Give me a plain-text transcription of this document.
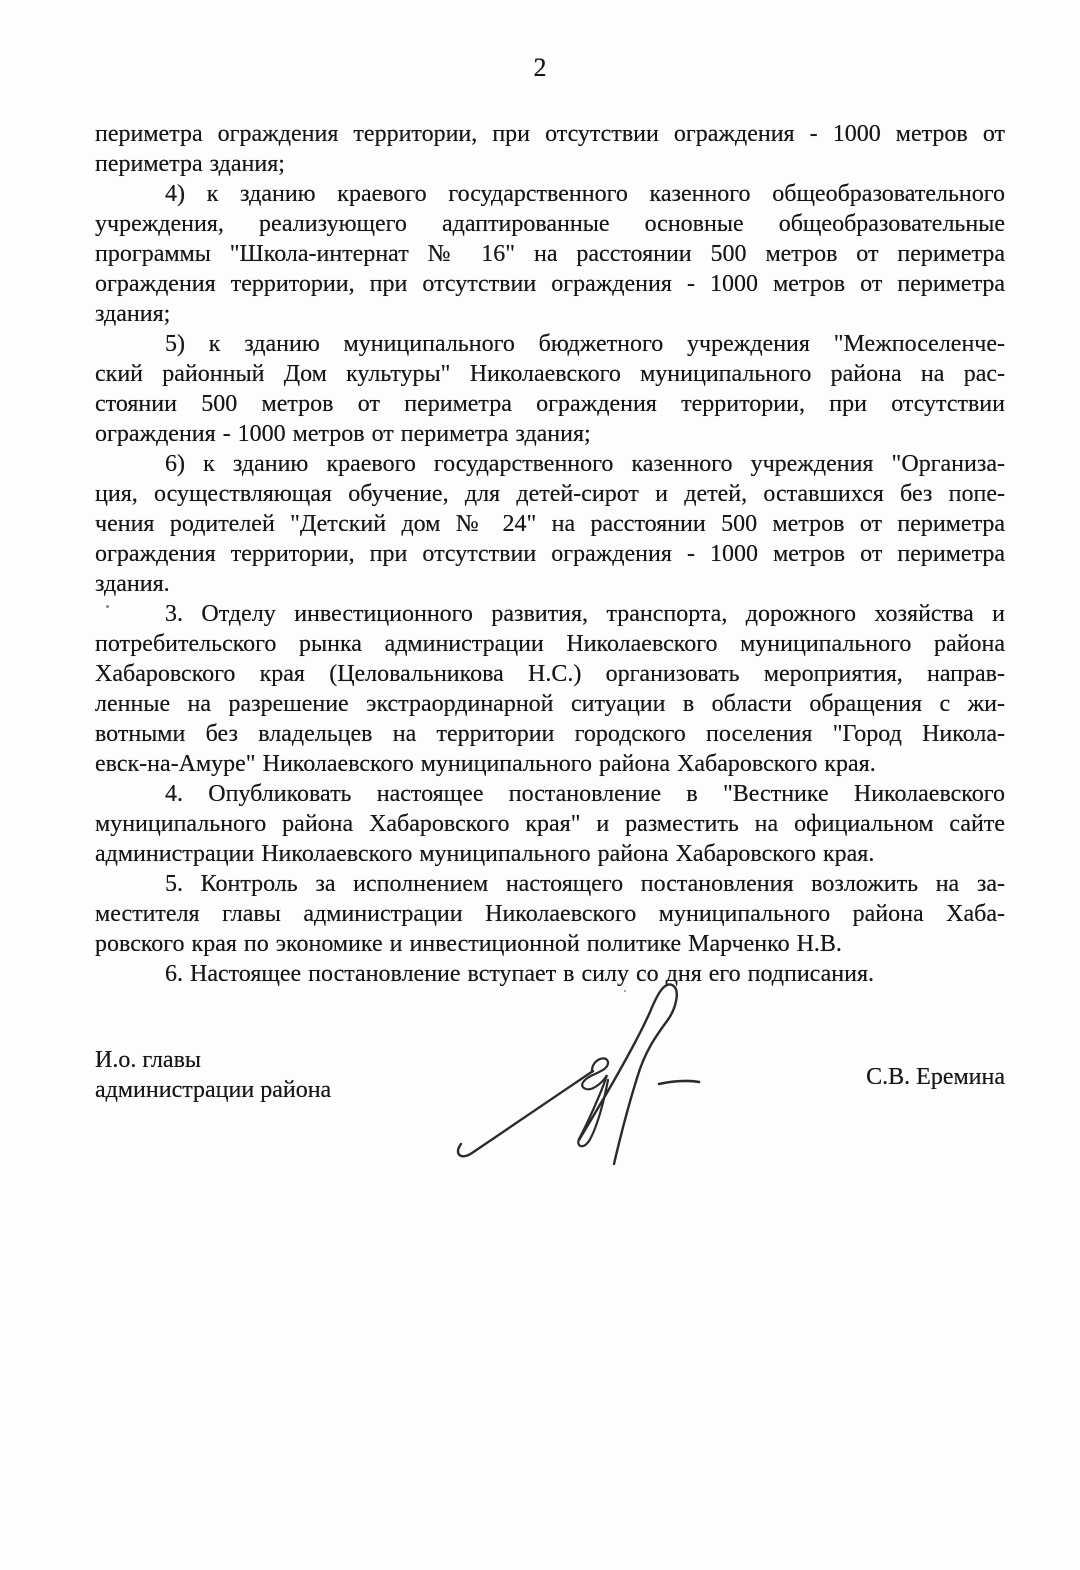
2
периметра ограждения территории, при отсутствии ограждения - 1000 метров от
периметра здания;
4) к зданию краевого государственного казенного общеобразовательного
учреждения, реализующего адаптированные основные общеобразовательные
программы "Школа-интернат № 16" на расстоянии 500 метров от периметра
ограждения территории, при отсутствии ограждения - 1000 метров от периметра
здания;
5) к зданию муниципального бюджетного учреждения "Межпоселенче-
ский районный Дом культуры" Николаевского муниципального района на рас-
стоянии 500 метров от периметра ограждения территории, при отсутствии
ограждения - 1000 метров от периметра здания;
6) к зданию краевого государственного казенного учреждения "Организа-
ция, осуществляющая обучение, для детей-сирот и детей, оставшихся без попе-
чения родителей "Детский дом № 24" на расстоянии 500 метров от периметра
ограждения территории, при отсутствии ограждения - 1000 метров от периметра
здания.
3. Отделу инвестиционного развития, транспорта, дорожного хозяйства и
потребительского рынка администрации Николаевского муниципального района
Хабаровского края (Целовальникова Н.С.) организовать мероприятия, направ-
ленные на разрешение экстраординарной ситуации в области обращения с жи-
вотными без владельцев на территории городского поселения "Город Никола-
евск-на-Амуре" Николаевского муниципального района Хабаровского края.
4. Опубликовать настоящее постановление в "Вестнике Николаевского
муниципального района Хабаровского края" и разместить на официальном сайте
администрации Николаевского муниципального района Хабаровского края.
5. Контроль за исполнением настоящего постановления возложить на за-
местителя главы администрации Николаевского муниципального района Хаба-
ровского края по экономике и инвестиционной политике Марченко Н.В.
6. Настоящее постановление вступает в силу со дня его подписания.
И.о. главы
администрации района	С.В. Еремина
